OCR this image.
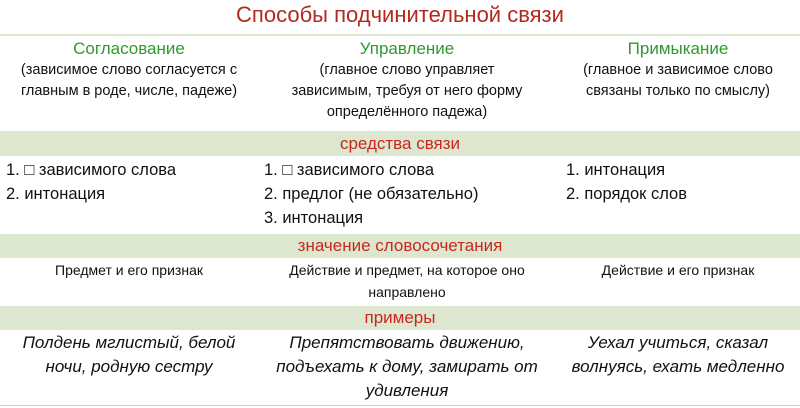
Способы подчинительной связи
Согласование
(зависимое слово согласуется с главным в роде, числе, падеже)
Управление
(главное слово управляет зависимым, требуя от него форму определённого падежа)
Примыкание
(главное и зависимое слово связаны только по смыслу)
средства связи
1. □ зависимого слова
2. интонация
1. □ зависимого слова
2. предлог (не обязательно)
3. интонация
1. интонация
2. порядок слов
значение словосочетания
Предмет и его признак	Действие и предмет, на которое оно направлено
Действие и его признак
примеры
Полдень мглистый, белой ночи, родную сестру
Препятствовать движению, подъехать к дому, замирать от удивления
Уехал учиться, сказал волнуясь, ехать медленно
